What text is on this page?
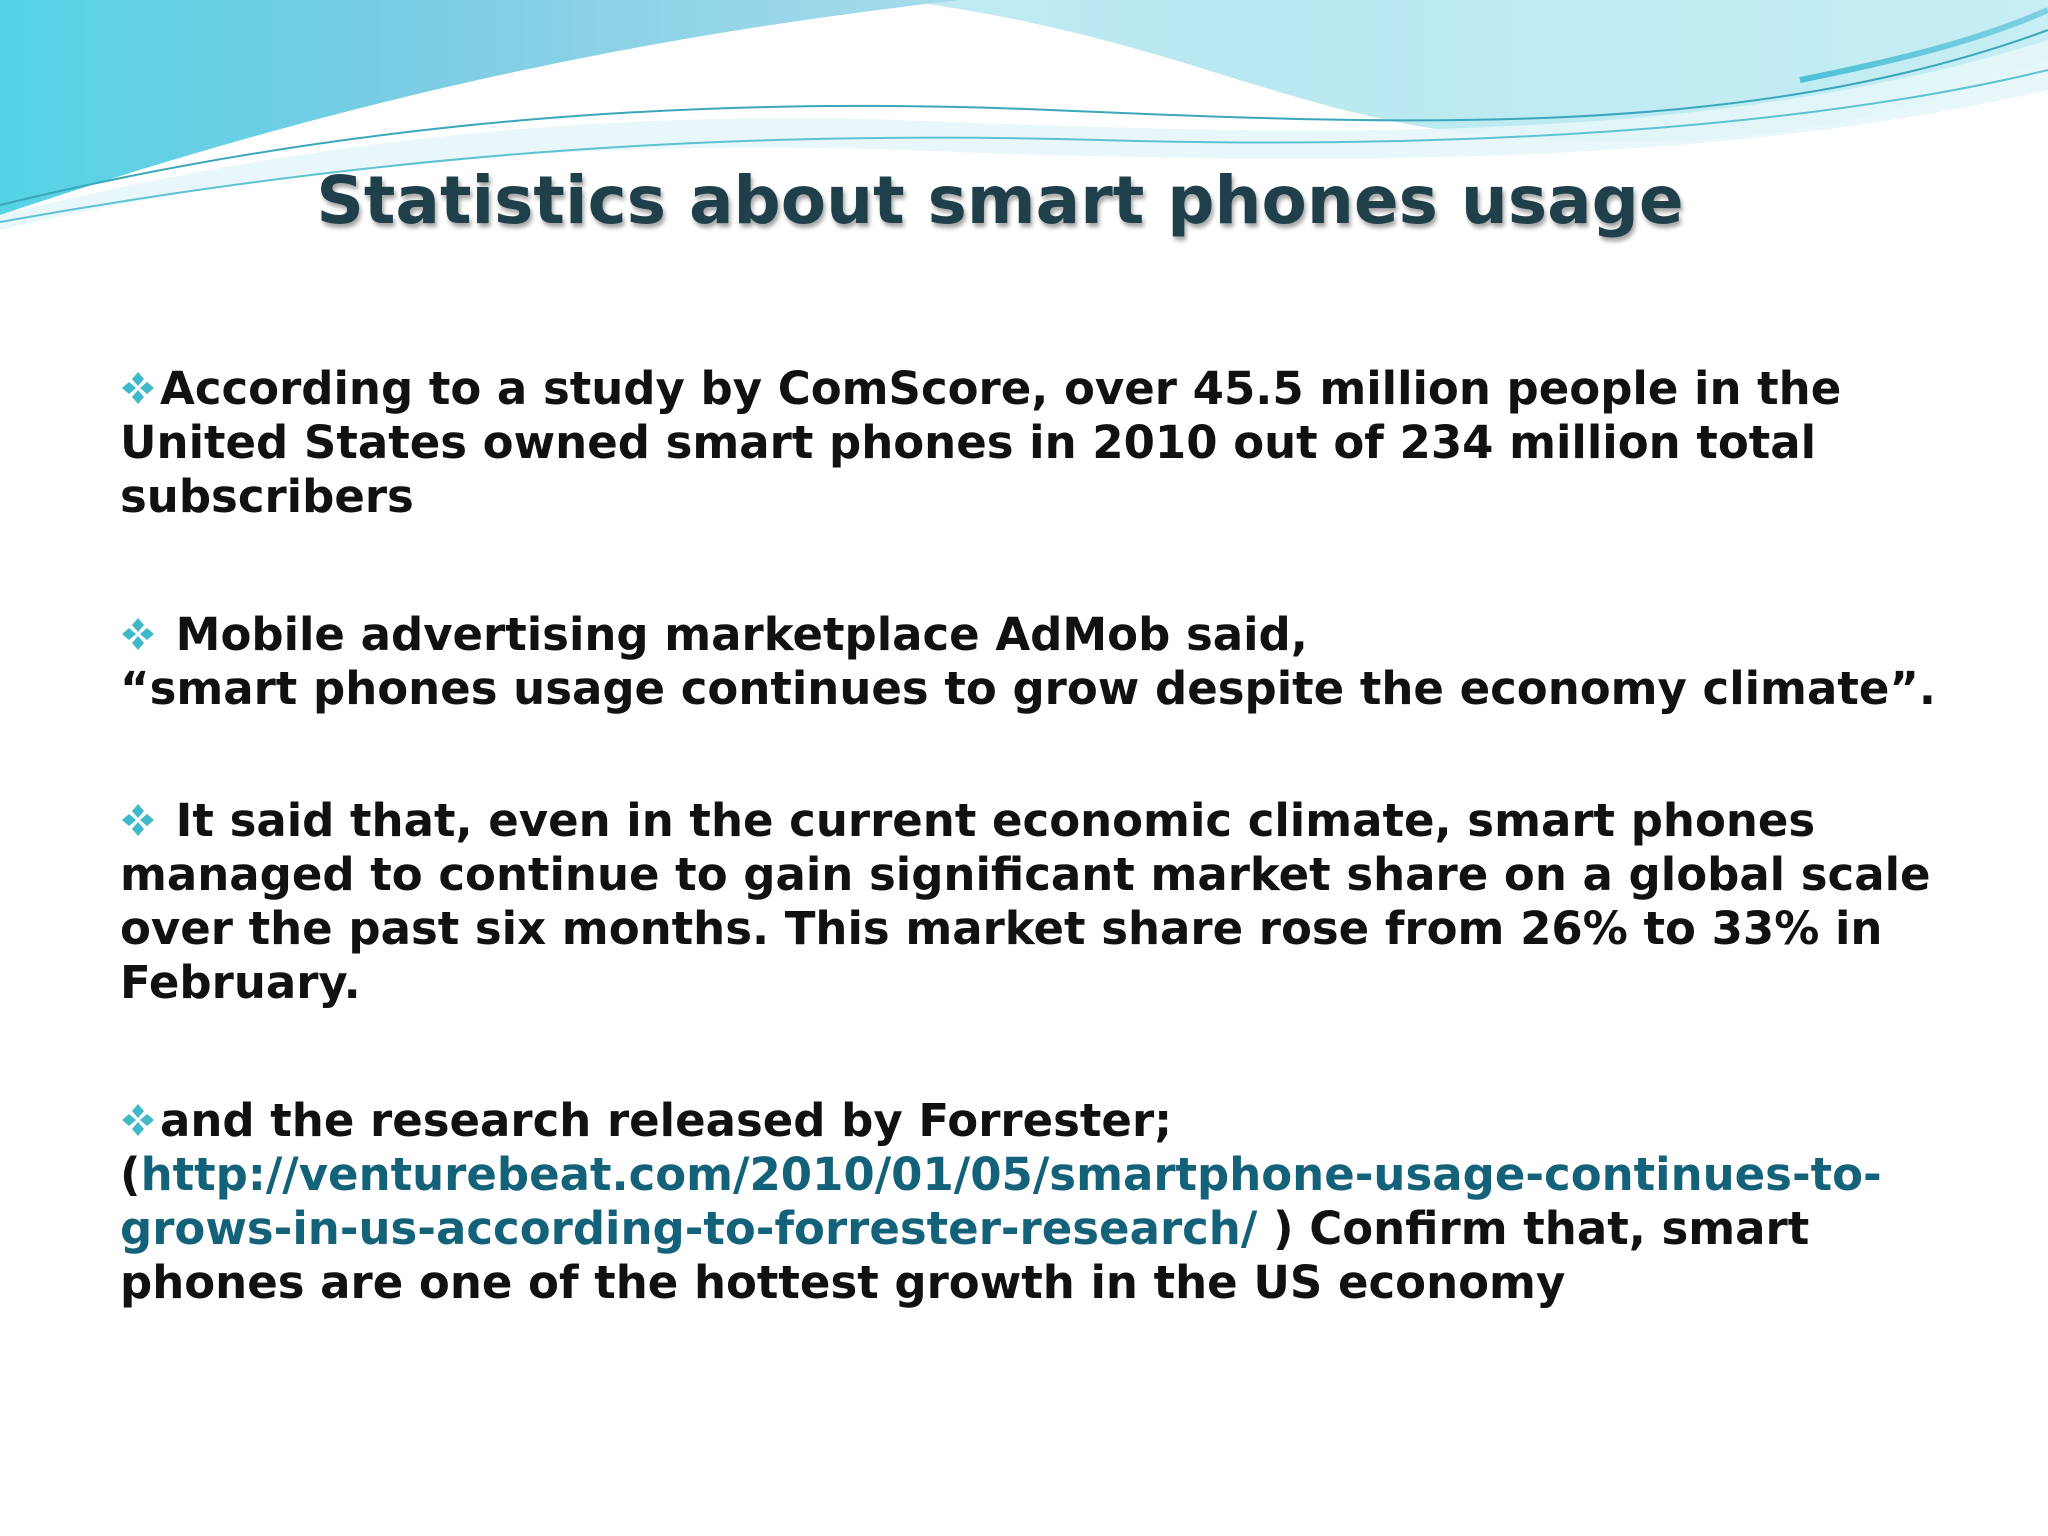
Statistics about smart phones usage

According to a study by ComScore, over 45.5 million people in the

United States owned smart phones in 2010 out of 234 million total

subscribers

Mobile advertising marketplace AdMob said,

“smart phones usage continues to grow despite the economy climate”.

It said that, even in the current economic climate, smart phones

managed to continue to gain significant market share on a global scale

over the past six months. This market share rose from 26% to 33% in

February.

and the research released by Forrester;

(http://venturebeat.com/2010/01/05/smartphone-usage-continues-to-

grows-in-us-according-to-forrester-research/ ) Confirm that, smart

phones are one of the hottest growth in the US economy
